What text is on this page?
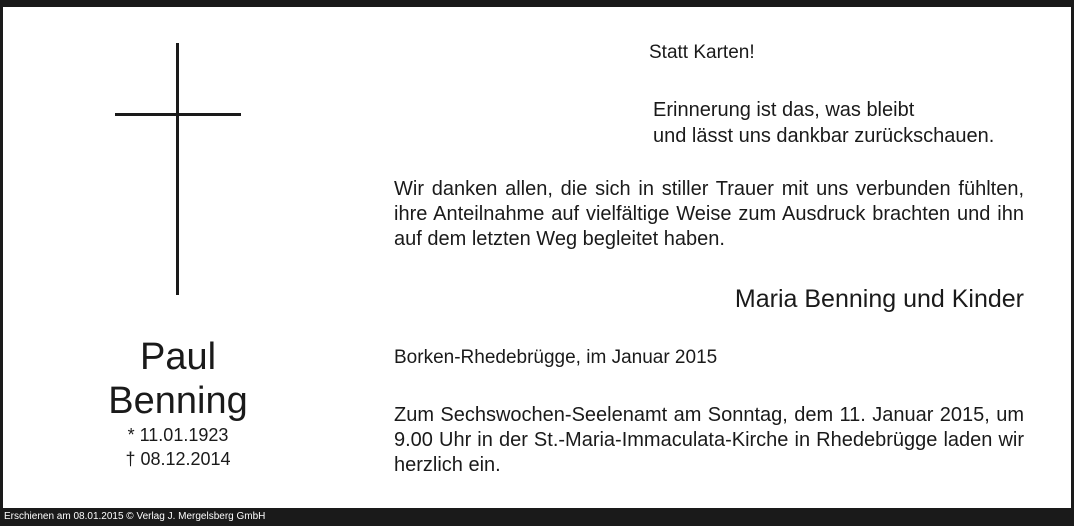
Paul
Benning
* 11.01.1923
† 08.12.2014
Statt Karten!
Erinnerung ist das, was bleibt
und lässt uns dankbar zurückschauen.
Wir danken allen, die sich in stiller Trauer mit uns verbunden fühlten, ihre Anteilnahme auf vielfältige Weise zum Ausdruck brachten und ihn auf dem letzten Weg begleitet haben.
Maria Benning und Kinder
Borken-Rhedebrügge, im Januar 2015
Zum Sechswochen-Seelenamt am Sonntag, dem 11. Januar 2015, um 9.00 Uhr in der St.-Maria-Immaculata-Kirche in Rhedebrügge laden wir herzlich ein.
Erschienen am 08.01.2015 © Verlag J. Mergelsberg GmbH
